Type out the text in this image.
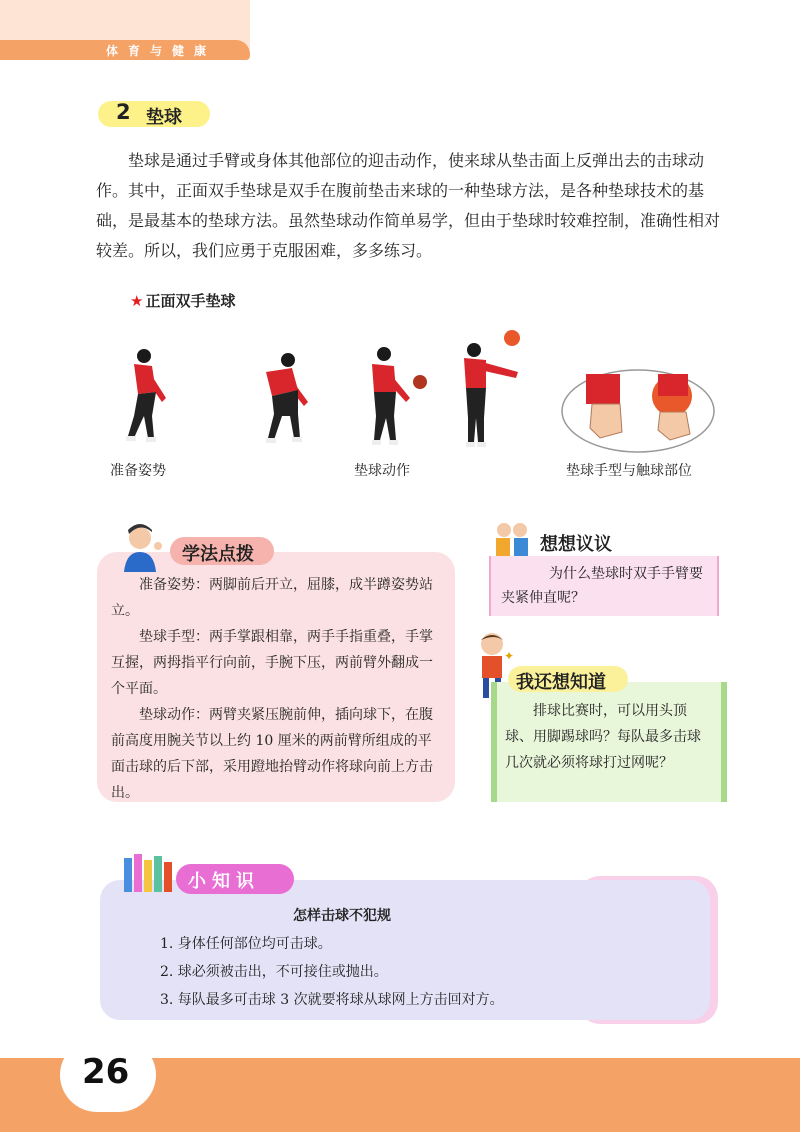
体育与健康
2 垫球

垫球是通过手臂或身体其他部位的迎击动作，使来球从垫击面上反弹出去的击球动作。其中，正面双手垫球是双手在腹前垫击来球的一种垫球方法，是各种垫球技术的基础，是最基本的垫球方法。虽然垫球动作简单易学，但由于垫球时较难控制，准确性相对较差。所以，我们应勇于克服困难，多多练习。

★ 正面双手垫球
准备姿势	垫球动作	垫球手型与触球部位
学法点拨

准备姿势：两脚前后开立，屈膝，成半蹲姿势站立。

垫球手型：两手掌跟相靠，两手手指重叠，手掌互握，两拇指平行向前，手腕下压，两前臂外翻成一个平面。

垫球动作：两臂夹紧压腕前伸，插向球下，在腹前高度用腕关节以上约 10 厘米的两前臂所组成的平面击球的后下部，采用蹬地抬臂动作将球向前上方击出。

想想议议

为什么垫球时双手手臂要夹紧伸直呢？

✦
我还想知道

排球比赛时，可以用头顶球、用脚踢球吗？每队最多击球几次就必须将球打过网呢？

小知识
怎样击球不犯规
1. 身体任何部位均可击球。
2. 球必须被击出，不可接住或抛出。
3. 每队最多可击球 3 次就要将球从球网上方击回对方。
26
